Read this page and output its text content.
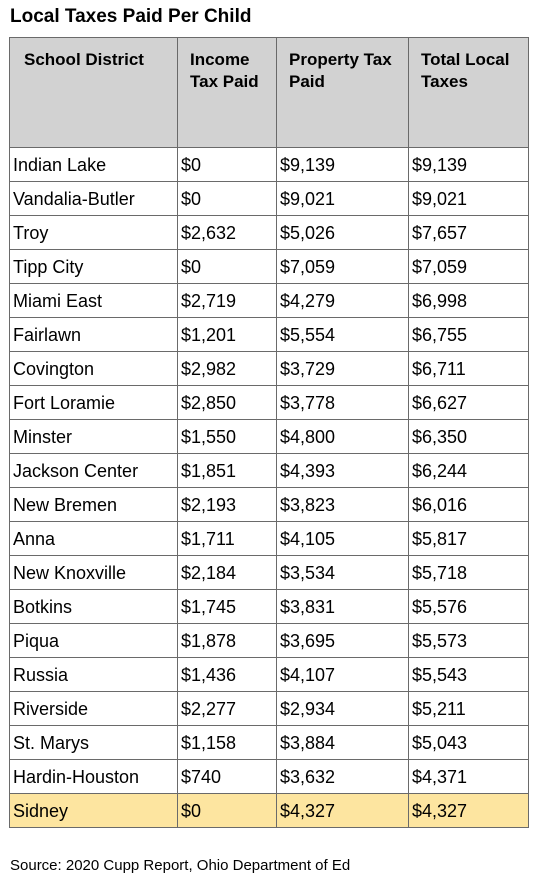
Local Taxes Paid Per Child
School District	Income Tax Paid	Property Tax Paid	Total Local Taxes
Indian Lake	$0	$9,139	$9,139
Vandalia-Butler	$0	$9,021	$9,021
Troy	$2,632	$5,026	$7,657
Tipp City	$0	$7,059	$7,059
Miami East	$2,719	$4,279	$6,998
Fairlawn	$1,201	$5,554	$6,755
Covington	$2,982	$3,729	$6,711
Fort Loramie	$2,850	$3,778	$6,627
Minster	$1,550	$4,800	$6,350
Jackson Center	$1,851	$4,393	$6,244
New Bremen	$2,193	$3,823	$6,016
Anna	$1,711	$4,105	$5,817
New Knoxville	$2,184	$3,534	$5,718
Botkins	$1,745	$3,831	$5,576
Piqua	$1,878	$3,695	$5,573
Russia	$1,436	$4,107	$5,543
Riverside	$2,277	$2,934	$5,211
St. Marys	$1,158	$3,884	$5,043
Hardin-Houston	$740	$3,632	$4,371
Sidney	$0	$4,327	$4,327
Source: 2020 Cupp Report, Ohio Department of Ed
